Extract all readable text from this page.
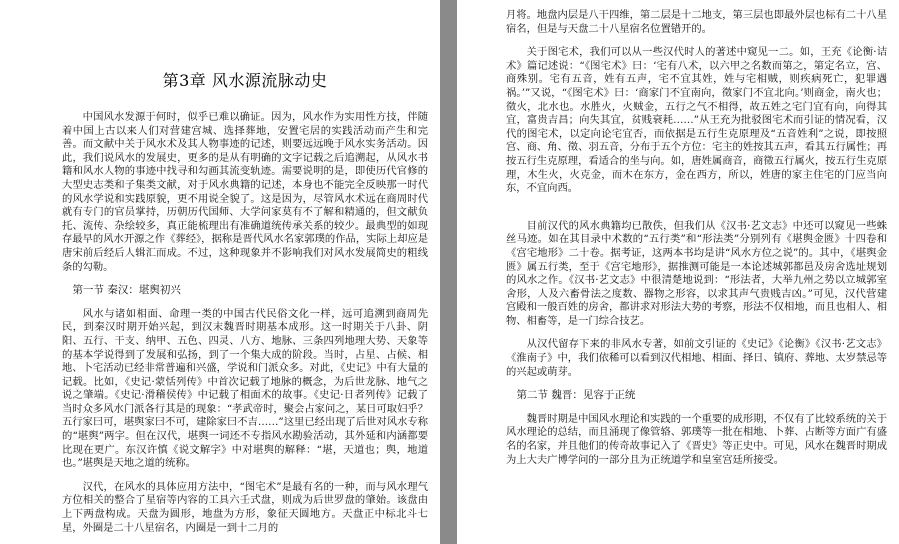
第3章 风水源流脉动史

中国风水发源于何时，似乎已难以确证。因为，风水作为实用性方技，伴随着中国上古以来人们对营建宫城、选择葬地，安置宅居的实践活动而产生和完善。而文献中关于风水术及其人物事迹的记述，则要远远晚于风水实务活动。因此，我们说风水的发展史，更多的是从有明确的文字记载之后追溯起，从风水书籍和风水人物的事迹中找寻和勾画其流变轨迹。需要说明的是，即使历代官修的大型史志类和子集类文献，对于风水典籍的记述，本身也不能完全反映那一时代的风水学说和实践原貌，更不用说全貌了。这是因为，尽管风水术远在商周时代就有专门的官员掌持，历朝历代国师、大学问家莫有不了解和精通的，但文献负托、流传、杂绘较多，真正能梳理出有准确道统传承关系的较少。最典型的如现存最早的风水开源之作《葬经》，据称是晋代风水名家郭璞的作品，实际上却应是唐宋前后经后人辑汇而成。不过，这种现象并不影响我们对风水发展简史的粗线条的勾勒。

第一节 秦汉：堪舆初兴

风水与诸如相面、命理一类的中国古代民俗文化一样，远可追溯到商周先民，到秦汉时期开始兴起，到汉末魏晋时期基本成形。这一时期关于八卦、阴阳、五行、干支、纳甲、五色、四灵、八方、地脉、三条四列地理大势、天象等的基本学说得到了发展和弘扬，到了一个集大成的阶段。当时，占星、占候、相地、卜宅活动已经非常普遍和兴盛，学说和门派众多。对此，《史记》中有大量的记载。比如，《史记·蒙恬列传》中首次记载了地脉的概念，为后世龙脉、地气之说之肇端。《史记·滑稽侯传》中记载了相面术的故事。《史记·日者列传》记载了当时众多风水门派各行其是的现象：“孝武帝时，聚会占家问之，某日可取妇乎？五行家曰可，堪舆家曰不可，建除家曰不吉……”这里已经出现了后世对风水专称的“堪舆”两字。但在汉代，堪舆一词还不专指风水勘验活动，其外延和内涵都要比现在更广。东汉许慎《说文解字》中对堪舆的解释：“堪，天道也；舆，地道也。”堪舆是天地之道的统称。

汉代，在风水的具体应用方法中，“图宅术”是最有名的一种，而与风水理气方位相关的整合了星宿等内容的工具六壬式盘，则成为后世罗盘的肇始。该盘由上下两盘构成。天盘为圆形，地盘为方形，象征天圆地方。天盘正中标北斗七星，外圈是二十八星宿名，内圈是一到十二月的

月将。地盘内层是八干四维，第二层是十二地支，第三层也即最外层也标有二十八星宿名，但是与天盘二十八星宿名位置错开的。

关于图宅术，我们可以从一些汉代时人的著述中窥见一二。如，王充《论衡·诘术》篇记述说：“《图宅术》曰：‘宅有八术，以六甲之名数而第之，第定名立，宫、商殊别。宅有五音，姓有五声，宅不宜其姓，姓与宅相贼，则疾病死亡，犯罪遇祸。’”又说，“《图宅术》曰：‘商家门不宜南向，徵家门不宜北向。’则商金，南火也；徵火，北水也。水胜火，火贼金，五行之气不相得，故五姓之宅门宜有向，向得其宜，富贵吉昌；向失其宜，贫贱衰耗……”从王充为批驳图宅术而引证的情况看，汉代的图宅术，以定向论宅宜否，而依据是五行生克原理及“五音姓利”之说，即按照宫、商、角、徵、羽五音，分布于五个方位：宅主的姓按其五声，看其五行属性；再按五行生克原理，看适合的坐与向。如，唐姓属商音，商徵五行属火，按五行生克原理，木生火，火克金，而木在东方，金在西方，所以，姓唐的家主住宅的门应当向东，不宜向西。

目前汉代的风水典籍均已散佚，但我们从《汉书·艺文志》中还可以窥见一些蛛丝马迹。如在其目录中术数的“五行类”和“形法类”分别列有《堪舆金匮》十四卷和《宫宅地形》二十卷。据考证，这两本书均是讲“风水方位之说”的。其中，《堪舆金匮》属五行类，至于《宫宅地形》，据推测可能是一本论述城郭都邑及房舍选址规划的风水之作。《汉书·艺文志》中很清楚地说到：“形法者，大举九州之势以立城郭室舍形，人及六畜骨法之度数、器物之形容，以求其声气贵贱吉凶。”可见，汉代营建宫殿和一般百姓的房舍，都讲求对形法大势的考察，形法不仅相地，而且也相人、相物、相畜等，是一门综合技艺。

从汉代留存下来的非风水专著，如前文引证的《史记》《论衡》《汉书·艺文志》《淮南子》中，我们依稀可以看到汉代相地、相面、择日、镇府、葬地、太岁禁忌等的兴起或萌芽。

第二节 魏晋：见容于正统

魏晋时期是中国风水理论和实践的一个重要的成形期，不仅有了比较系统的关于风水理论的总结，而且涌现了像管辂、郭璞等一批在相地、卜葬、占断等方面广有盛名的名家，并且他们的传奇故事记入了《晋史》等正史中。可见，风水在魏晋时期成为上大夫广博学问的一部分且为正统道学和皇室宫廷所接受。
